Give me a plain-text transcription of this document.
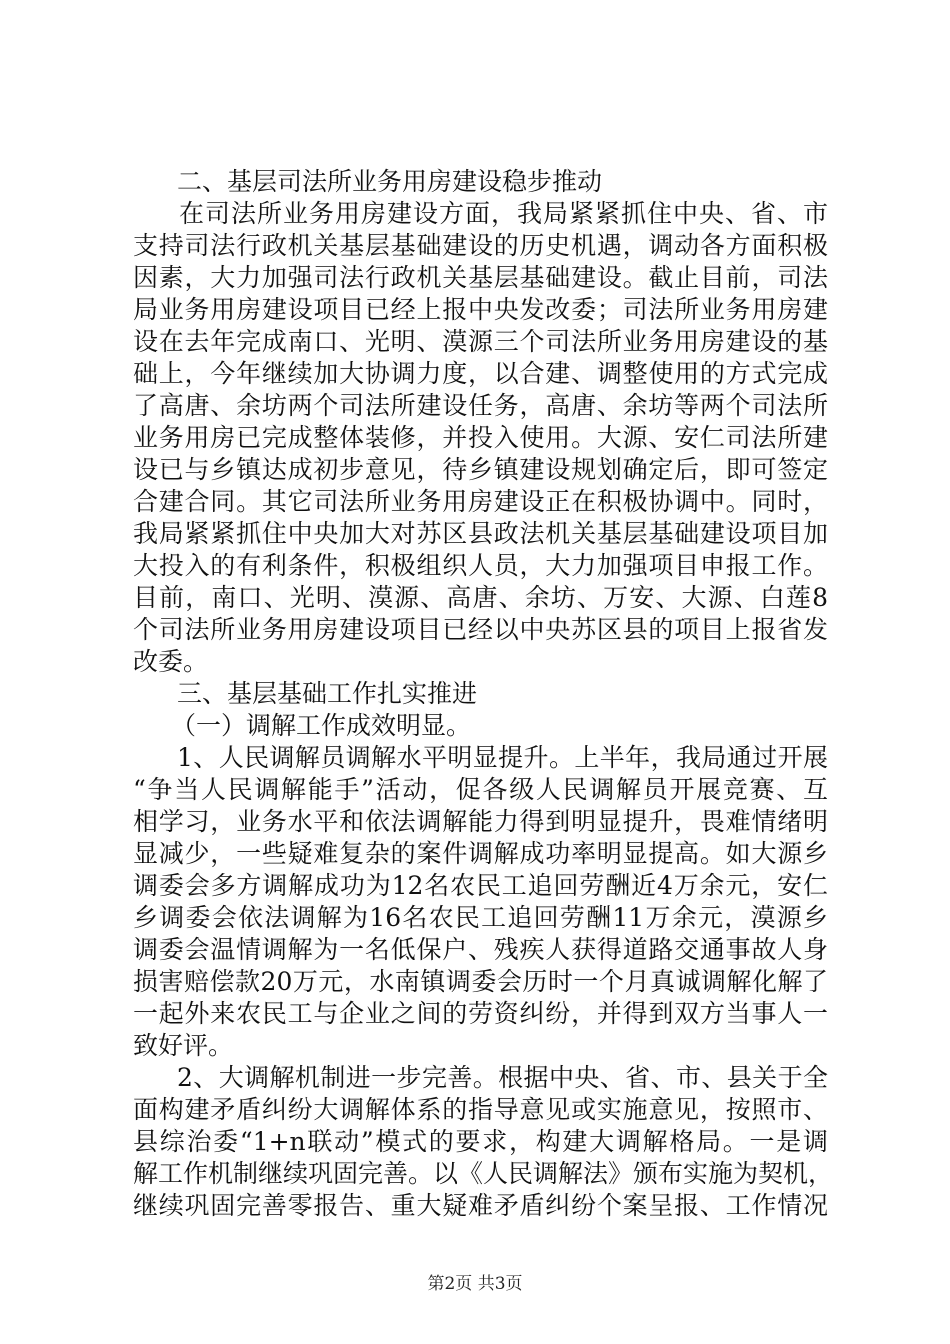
二、基层司法所业务用房建设稳步推动
在司法所业务用房建设方面，我局紧紧抓住中央、省、市
支持司法行政机关基层基础建设的历史机遇，调动各方面积极
因素，大力加强司法行政机关基层基础建设。截止目前，司法
局业务用房建设项目已经上报中央发改委；司法所业务用房建
设在去年完成南口、光明、漠源三个司法所业务用房建设的基
础上，今年继续加大协调力度，以合建、调整使用的方式完成
了高唐、余坊两个司法所建设任务，高唐、余坊等两个司法所
业务用房已完成整体装修，并投入使用。大源、安仁司法所建
设已与乡镇达成初步意见，待乡镇建设规划确定后，即可签定
合建合同。其它司法所业务用房建设正在积极协调中。同时，
我局紧紧抓住中央加大对苏区县政法机关基层基础建设项目加
大投入的有利条件，积极组织人员，大力加强项目申报工作。
目前，南口、光明、漠源、高唐、余坊、万安、大源、白莲8
个司法所业务用房建设项目已经以中央苏区县的项目上报省发
改委。
三、基层基础工作扎实推进
（一）调解工作成效明显。
1、人民调解员调解水平明显提升。上半年，我局通过开展
“争当人民调解能手”活动，促各级人民调解员开展竞赛、互
相学习，业务水平和依法调解能力得到明显提升，畏难情绪明
显减少，一些疑难复杂的案件调解成功率明显提高。如大源乡
调委会多方调解成功为12名农民工追回劳酬近4万余元，安仁
乡调委会依法调解为16名农民工追回劳酬11万余元，漠源乡
调委会温情调解为一名低保户、残疾人获得道路交通事故人身
损害赔偿款20万元，水南镇调委会历时一个月真诚调解化解了
一起外来农民工与企业之间的劳资纠纷，并得到双方当事人一
致好评。
2、大调解机制进一步完善。根据中央、省、市、县关于全
面构建矛盾纠纷大调解体系的指导意见或实施意见，按照市、
县综治委“1+n联动”模式的要求，构建大调解格局。一是调
解工作机制继续巩固完善。以《人民调解法》颁布实施为契机，
继续巩固完善零报告、重大疑难矛盾纠纷个案呈报、工作情况
第2页 共3页
